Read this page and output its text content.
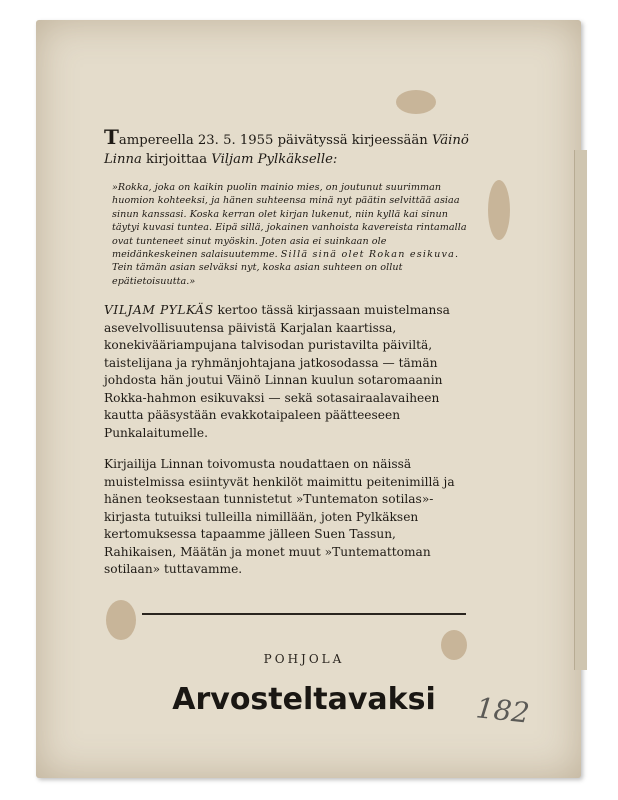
Tampereella 23. 5. 1955 päivätyssä kirjeessään Väinö Linna kirjoittaa Viljam Pylkäkselle:

»Rokka, joka on kaikin puolin mainio mies, on joutunut suurimman huomion kohteeksi, ja hänen suhteensa minä nyt päätin selvittää asiaa sinun kanssasi. Koska kerran olet kirjan lukenut, niin kyllä kai sinun täytyi kuvasi tuntea. Eipä sillä, jokainen vanhoista kavereista rintamalla ovat tunteneet sinut myöskin. Joten asia ei suinkaan ole meidänkeskeinen salaisuutemme. Sillä sinä olet Rokan esikuva. Tein tämän asian selväksi nyt, koska asian suhteen on ollut epätietoisuutta.»

VILJAM PYLKÄS kertoo tässä kirjassaan muistelmansa asevelvollisuutensa päivistä Karjalan kaartissa, konekivääriampujana talvisodan puristavilta päiviltä, taistelijana ja ryhmänjohtajana jatkosodassa — tämän johdosta hän joutui Väinö Linnan kuulun sotaromaanin Rokka-hahmon esikuvaksi — sekä sotasairaalavaiheen kautta pääsystään evakkotaipaleen päätteeseen Punkalaitumelle.

Kirjailija Linnan toivomusta noudattaen on näissä muistelmissa esiintyvät henkilöt maimittu peitenimillä ja hänen teoksestaan tunnistetut »Tuntematon sotilas»-kirjasta tutuiksi tulleilla nimillään, joten Pylkäksen kertomuksessa tapaamme jälleen Suen Tassun, Rahikaisen, Määtän ja monet muut »Tuntemattoman sotilaan» tuttavamme.

POHJOLA
Arvosteltavaksi	182
